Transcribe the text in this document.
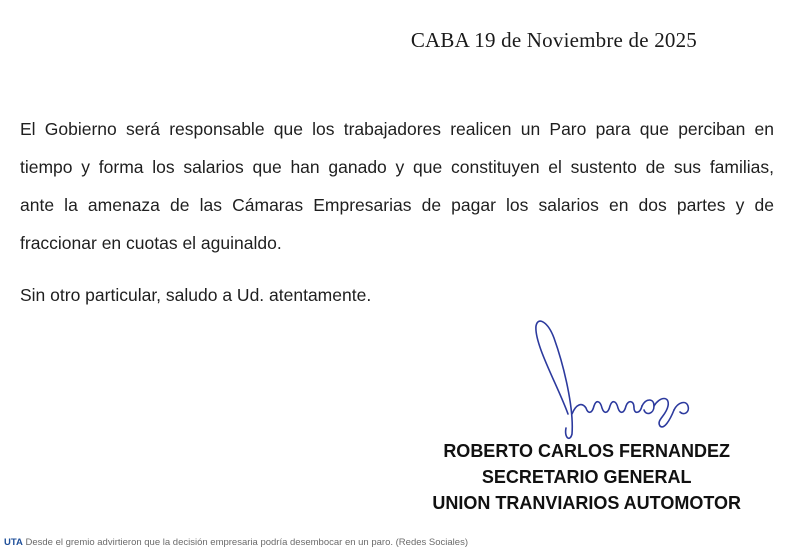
CABA 19 de Noviembre de 2025
El Gobierno será responsable que los trabajadores realicen un Paro para que perciban en
tiempo y forma los salarios que han ganado y que constituyen el sustento de sus familias,
ante la amenaza de las Cámaras Empresarias de pagar los salarios en dos partes y de
fraccionar en cuotas el aguinaldo.
Sin otro particular, saludo a Ud. atentamente.
ROBERTO CARLOS FERNANDEZ
SECRETARIO GENERAL
UNION TRANVIARIOS AUTOMOTOR
UTA Desde el gremio advirtieron que la decisión empresaria podría desembocar en un paro. (Redes Sociales)
